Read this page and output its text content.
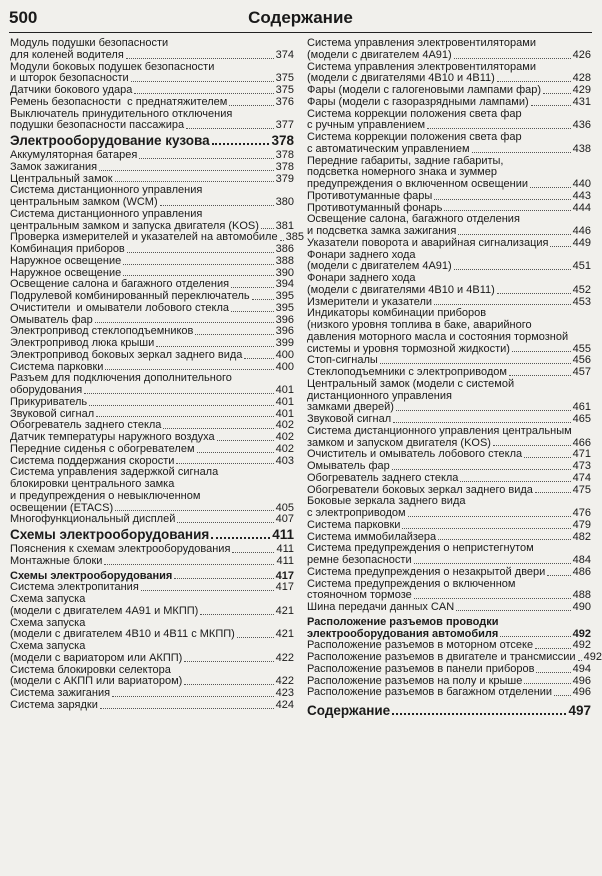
500	Содержание
Модуль подушки безопасности
для коленей водителя	374
Модули боковых подушек безопасности
и шторок безопасности	375
Датчики бокового удара	375
Ремень безопасности  с преднатяжителем	376
Выключатель принудительного отключения
подушки безопасности пассажира	377
Электрооборудование кузова	378
Аккумуляторная батарея	378
Замок зажигания	378
Центральный замок	379
Система дистанционного управления
центральным замком (WCM)	380
Система дистанционного управления
центральным замком и запуска двигателя (KOS) 381
Проверка измерителей и указателей на автомобиле 385
Комбинация приборов	386
Наружное освещение	388
Наружное освещение	390
Освещение салона и багажного отделения	394
Подрулевой комбинированный переключатель 395
Очистители  и омыватели лобового стекла	395
Омыватель фар	396
Электропривод стеклоподъемников	396
Электропривод люка крыши	399
Электропривод боковых зеркал заднего вида	400
Система парковки	400
Разъем для подключения дополнительного
оборудования	401
Прикуриватель	401
Звуковой сигнал	401
Обогреватель заднего стекла	402
Датчик температуры наружного воздуха	402
Передние сиденья с обогревателем	402
Система поддержания скорости	403
Система управления задержкой сигнала
блокировки центрального замка
и предупреждения о невыключенном
освещении (ETACS)	405
Многофункциональный дисплей	407
Схемы электрооборудования	411
Пояснения к схемам электрооборудования	411
Монтажные блоки	411
Схемы электрооборудования	417
Система электропитания	417
Схема запуска
(модели с двигателем 4A91 и МКПП)	421
Схема запуска
(модели с двигателем 4B10 и 4B11 с МКПП)	421
Схема запуска
(модели с вариатором или АКПП)	422
Система блокировки селектора
(модели с АКПП или вариатором)	422
Система зажигания	423
Система зарядки	424
Система управления электровентиляторами
(модели с двигателем 4A91)	426
Система управления электровентиляторами
(модели с двигателями 4B10 и 4B11)	428
Фары (модели с галогеновыми лампами фар)	429
Фары (модели с газоразрядными лампами)	431
Система коррекции положения света фар
с ручным управлением	436
Система коррекции положения света фар
с автоматическим управлением	438
Передние габариты, задние габариты,
подсветка номерного знака и зуммер
предупреждения о включенном освещении	440
Противотуманные фары	443
Противотуманный фонарь	444
Освещение салона, багажного отделения
и подсветка замка зажигания	446
Указатели поворота и аварийная сигнализация 449
Фонари заднего хода
(модели с двигателем 4A91)	451
Фонари заднего хода
(модели с двигателями 4B10 и 4B11)	452
Измерители и указатели	453
Индикаторы комбинации приборов
(низкого уровня топлива в баке, аварийного
давления моторного масла и состояния тормозной
системы и уровня тормозной жидкости)	455
Стоп-сигналы	456
Стеклоподъемники с электроприводом	457
Центральный замок (модели с системой
дистанционного управления
замками дверей)	461
Звуковой сигнал	465
Система дистанционного управления центральным
замком и запуском двигателя (KOS)	466
Очиститель и омыватель лобового стекла	471
Омыватель фар	473
Обогреватель заднего стекла	474
Обогреватели боковых зеркал заднего вида	475
Боковые зеркала заднего вида
с электроприводом	476
Система парковки	479
Система иммобилайзера	482
Система предупреждения о непристегнутом
ремне безопасности	484
Система предупреждения о незакрытой двери 486
Система предупреждения о включенном
стояночном тормозе	488
Шина передачи данных CAN	490
Расположение разъемов проводки
электрооборудования автомобиля	492
Расположение разъемов в моторном отсеке	492
Расположение разъемов в двигателе и трансмиссии 492
Расположение разъемов в панели приборов	494
Расположение разъемов на полу и крыше	496
Расположение разъемов в багажном отделении 496
Содержание	497
